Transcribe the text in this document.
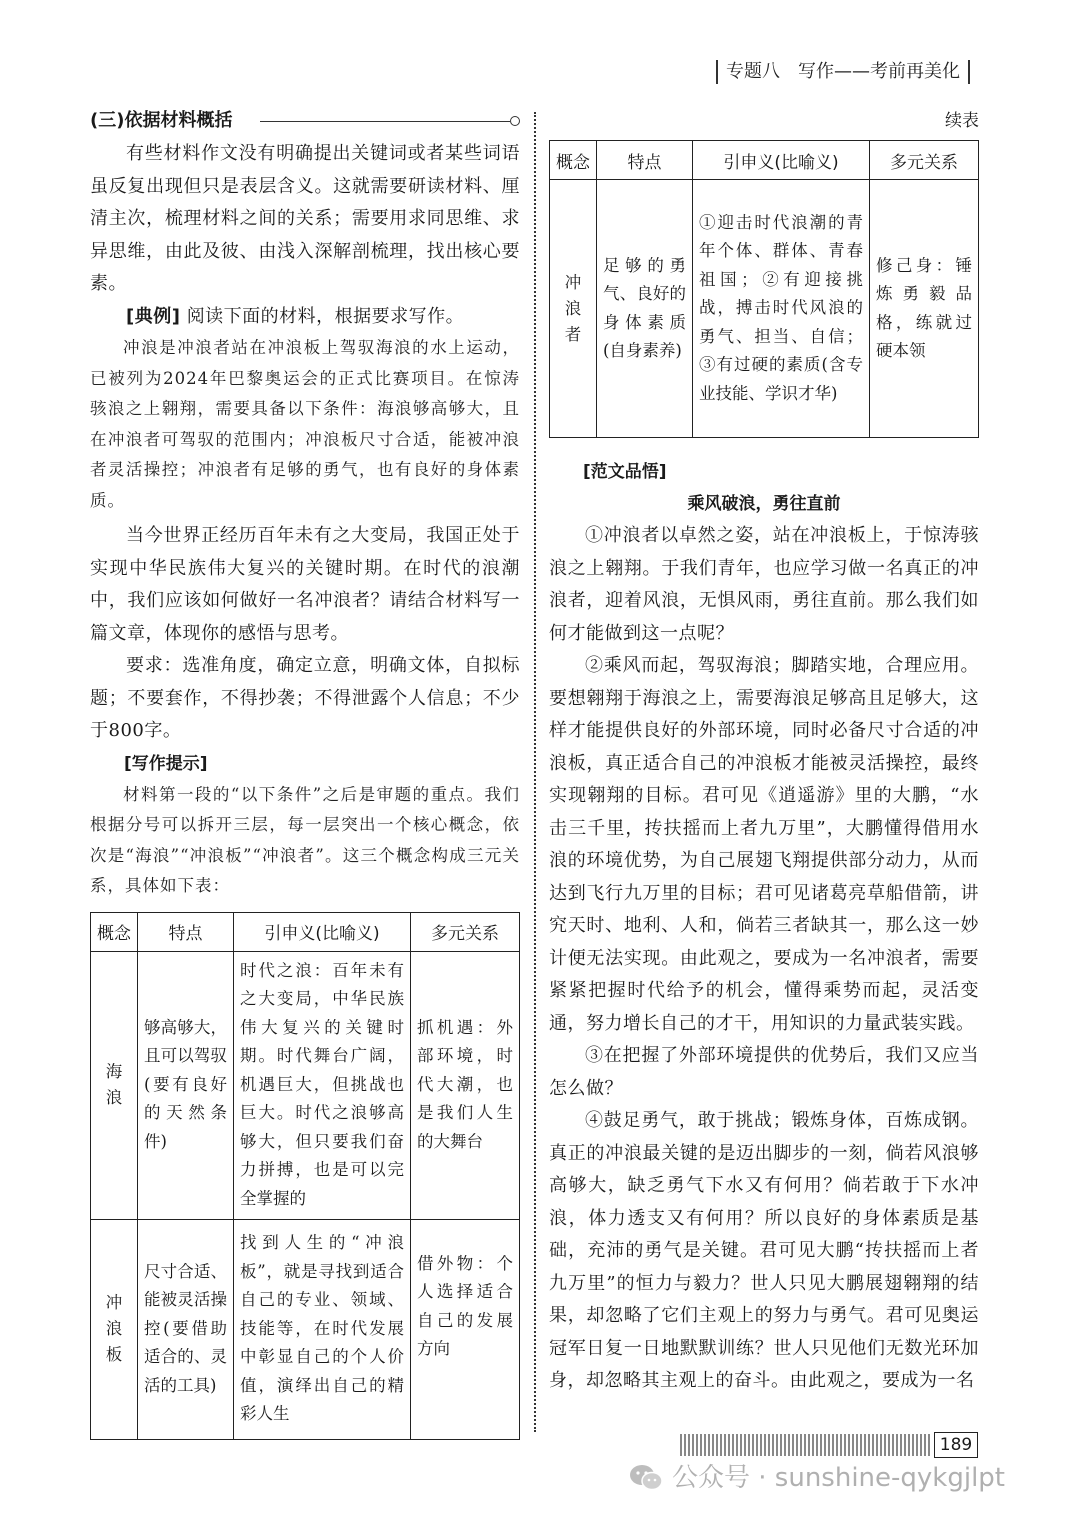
专题八　写作——考前再美化
(三)依据材料概括

有些材料作文没有明确提出关键词或者某些词语虽反复出现但只是表层含义。这就需要研读材料、厘清主次，梳理材料之间的关系；需要用求同思维、求异思维，由此及彼、由浅入深解剖梳理，找出核心要素。

[典例] 阅读下面的材料，根据要求写作。

冲浪是冲浪者站在冲浪板上驾驭海浪的水上运动，已被列为2024年巴黎奥运会的正式比赛项目。在惊涛骇浪之上翱翔，需要具备以下条件：海浪够高够大，且在冲浪者可驾驭的范围内；冲浪板尺寸合适，能被冲浪者灵活操控；冲浪者有足够的勇气，也有良好的身体素质。

当今世界正经历百年未有之大变局，我国正处于实现中华民族伟大复兴的关键时期。在时代的浪潮中，我们应该如何做好一名冲浪者？请结合材料写一篇文章，体现你的感悟与思考。

要求：选准角度，确定立意，明确文体，自拟标题；不要套作，不得抄袭；不得泄露个人信息；不少于800字。

[写作提示]

材料第一段的“以下条件”之后是审题的重点。我们根据分号可以拆开三层，每一层突出一个核心概念，依次是“海浪”“冲浪板”“冲浪者”。这三个概念构成三元关系，具体如下表：

概念	特点	引申义(比喻义)	多元关系

海浪	够高够大，且可以驾驭(要有良好的天然条件)	时代之浪：百年未有之大变局，中华民族伟大复兴的关键时期。时代舞台广阔，机遇巨大，但挑战也巨大。时代之浪够高够大，但只要我们奋力拼搏，也是可以完全掌握的	抓机遇：外部环境，时代大潮，也是我们人生的大舞台

冲浪板	尺寸合适、能被灵活操控(要借助适合的、灵活的工具)	找到人生的“冲浪板”，就是寻找到适合自己的专业、领域、技能等，在时代发展中彰显自己的个人价值，演绎出自己的精彩人生	借外物：个人选择适合自己的发展方向
续表
概念	特点	引申义(比喻义)	多元关系

冲浪者	足够的勇气、良好的身体素质(自身素养)	①迎击时代浪潮的青年个体、群体、青春祖国；②有迎接挑战，搏击时代风浪的勇气、担当、自信；③有过硬的素质(含专业技能、学识才华)	修己身：锤炼勇毅品格，练就过硬本领
[范文品悟]
乘风破浪，勇往直前

①冲浪者以卓然之姿，站在冲浪板上，于惊涛骇浪之上翱翔。于我们青年，也应学习做一名真正的冲浪者，迎着风浪，无惧风雨，勇往直前。那么我们如何才能做到这一点呢？

②乘风而起，驾驭海浪；脚踏实地，合理应用。要想翱翔于海浪之上，需要海浪足够高且足够大，这样才能提供良好的外部环境，同时必备尺寸合适的冲浪板，真正适合自己的冲浪板才能被灵活操控，最终实现翱翔的目标。君可见《逍遥游》里的大鹏，“水击三千里，抟扶摇而上者九万里”，大鹏懂得借用水浪的环境优势，为自己展翅飞翔提供部分动力，从而达到飞行九万里的目标；君可见诸葛亮草船借箭，讲究天时、地利、人和，倘若三者缺其一，那么这一妙计便无法实现。由此观之，要成为一名冲浪者，需要紧紧把握时代给予的机会，懂得乘势而起，灵活变通，努力增长自己的才干，用知识的力量武装实践。

③在把握了外部环境提供的优势后，我们又应当怎么做？

④鼓足勇气，敢于挑战；锻炼身体，百炼成钢。真正的冲浪最关键的是迈出脚步的一刻，倘若风浪够高够大，缺乏勇气下水又有何用？倘若敢于下水冲浪，体力透支又有何用？所以良好的身体素质是基础，充沛的勇气是关键。君可见大鹏“抟扶摇而上者九万里”的恒力与毅力？世人只见大鹏展翅翱翔的结果，却忽略了它们主观上的努力与勇气。君可见奥运冠军日复一日地默默训练？世人只见他们无数光环加身，却忽略其主观上的奋斗。由此观之，要成为一名

189
公众号 · sunshine-qykgjlpt
